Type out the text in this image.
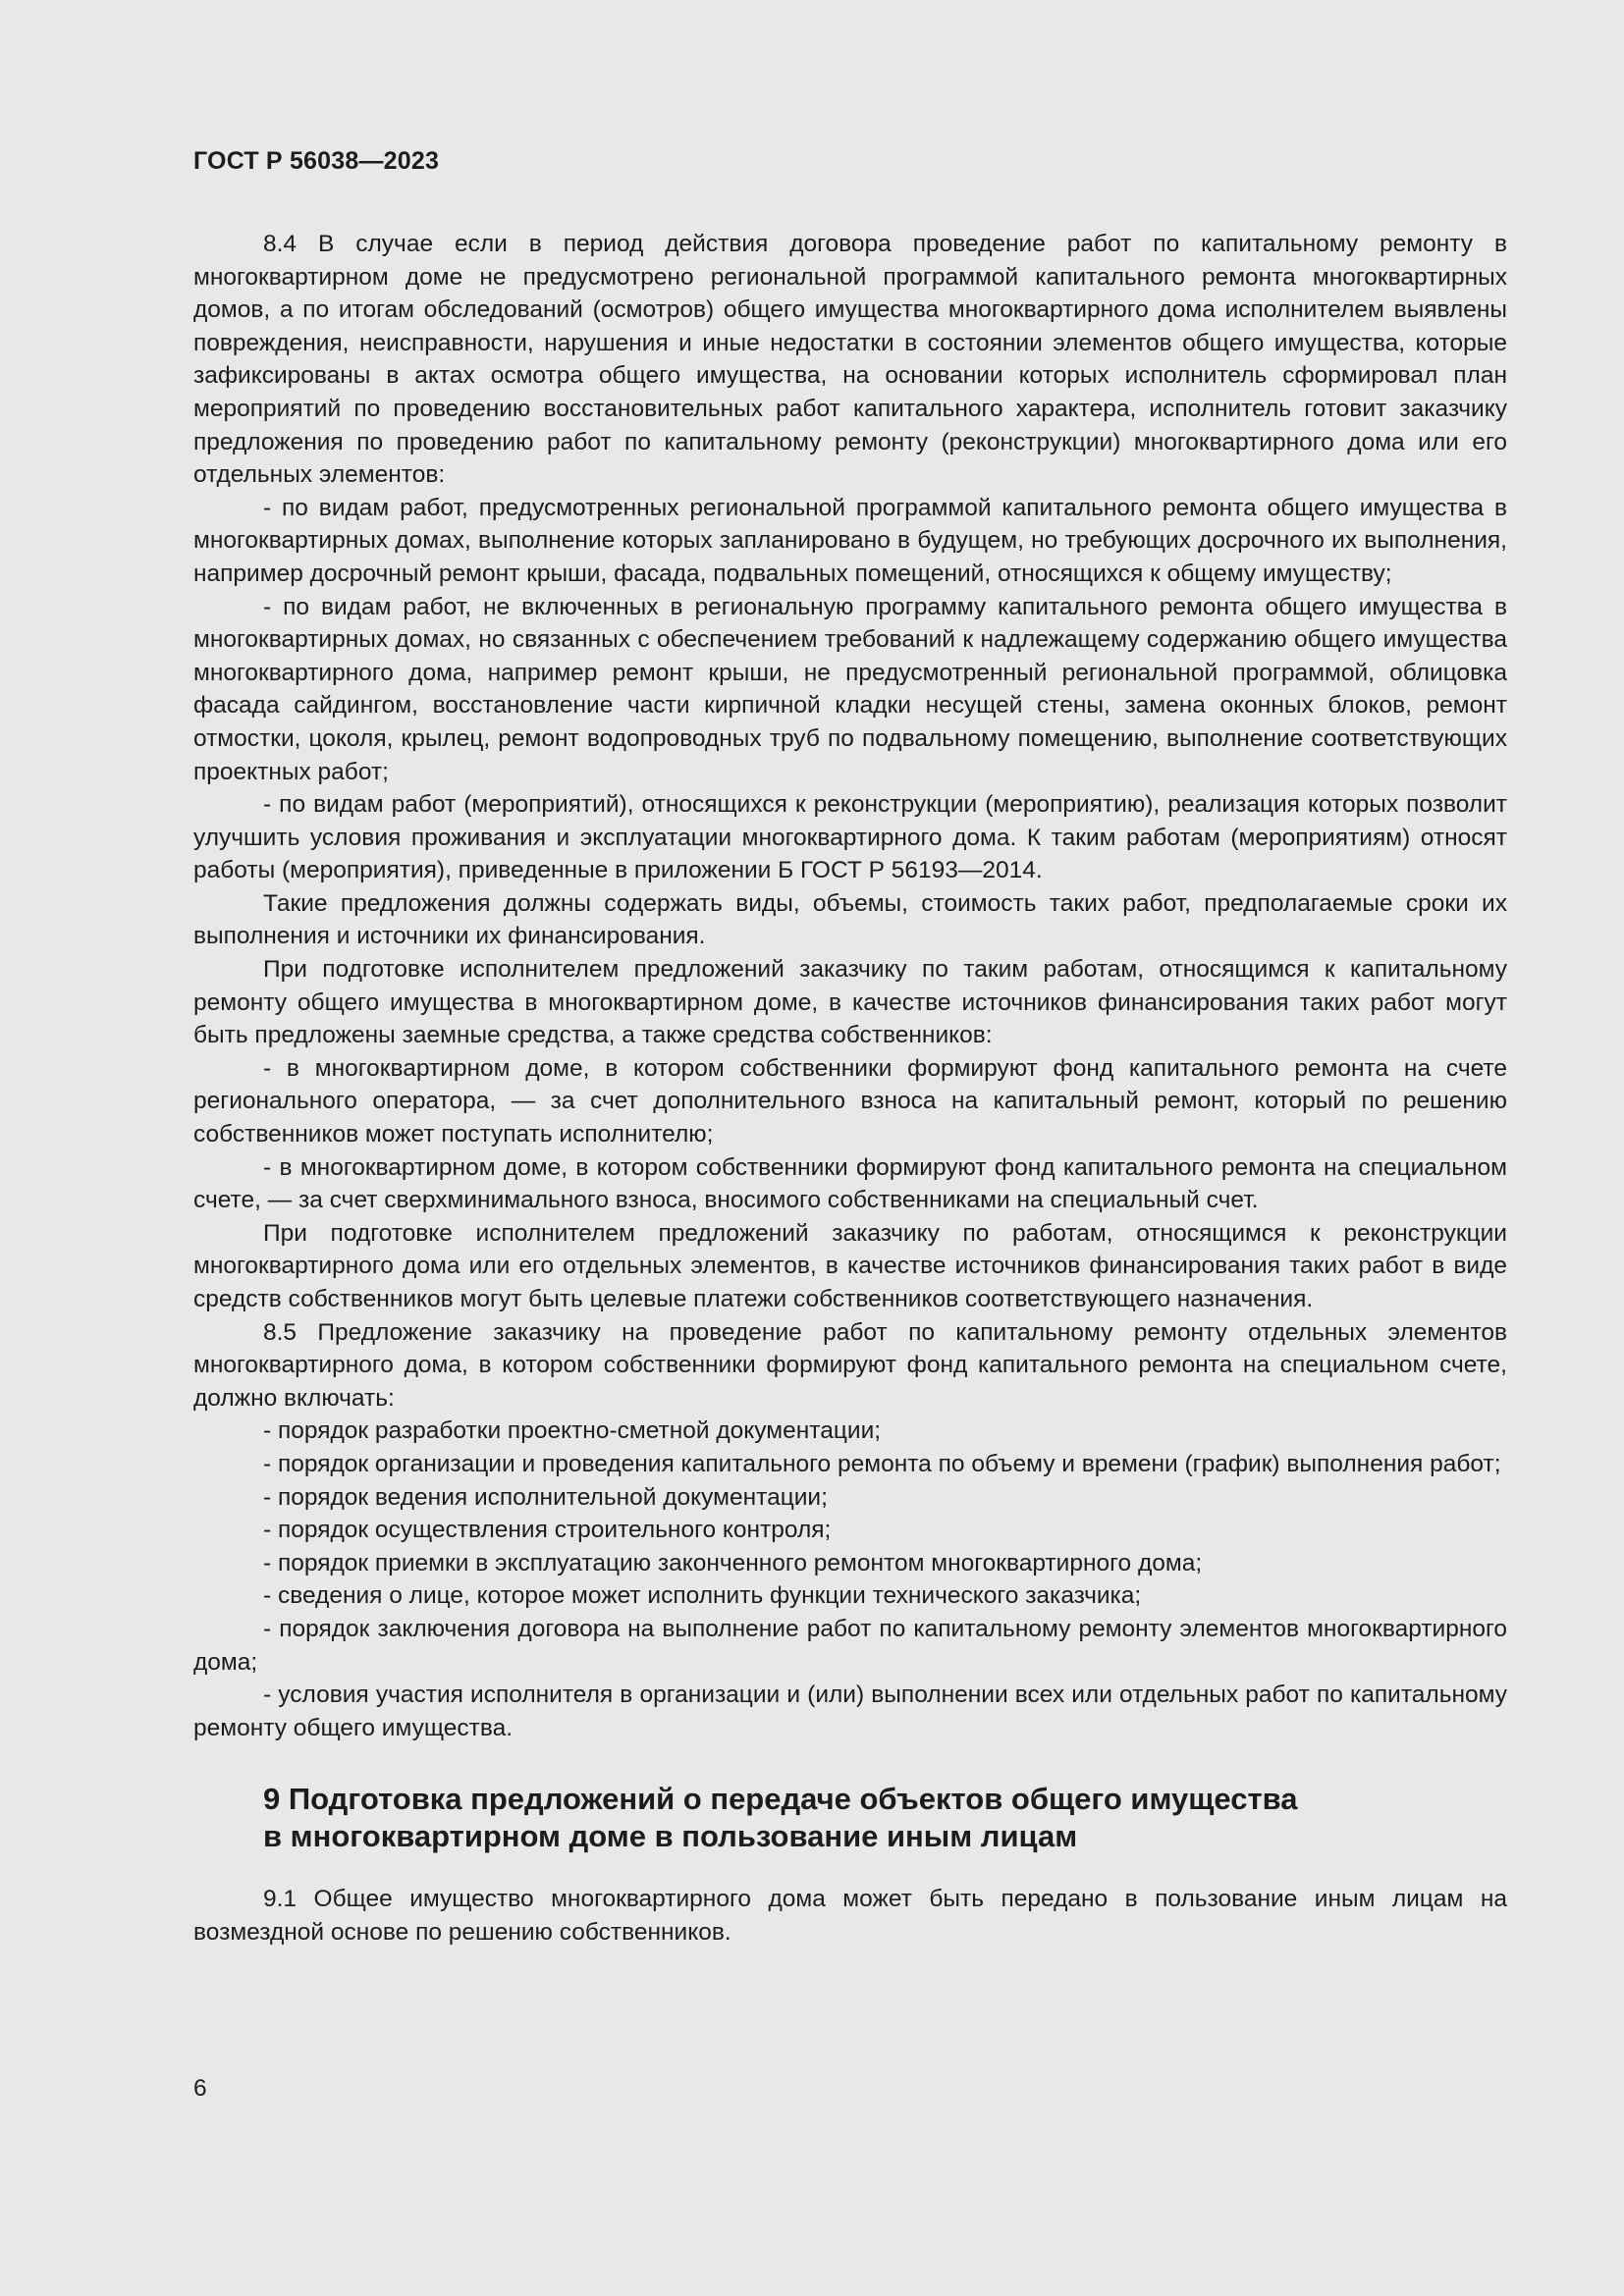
ГОСТ Р 56038—2023

8.4 В случае если в период действия договора проведение работ по капитальному ремонту в многоквартирном доме не предусмотрено региональной программой капитального ремонта многоквартирных домов, а по итогам обследований (осмотров) общего имущества многоквартирного дома исполнителем выявлены повреждения, неисправности, нарушения и иные недостатки в состоянии элементов общего имущества, которые зафиксированы в актах осмотра общего имущества, на основании которых исполнитель сформировал план мероприятий по проведению восстановительных работ капитального характера, исполнитель готовит заказчику предложения по проведению работ по капитальному ремонту (реконструкции) многоквартирного дома или его отдельных элементов:

- по видам работ, предусмотренных региональной программой капитального ремонта общего имущества в многоквартирных домах, выполнение которых запланировано в будущем, но требующих досрочного их выполнения, например досрочный ремонт крыши, фасада, подвальных помещений, относящихся к общему имуществу;

- по видам работ, не включенных в региональную программу капитального ремонта общего имущества в многоквартирных домах, но связанных с обеспечением требований к надлежащему содержанию общего имущества многоквартирного дома, например ремонт крыши, не предусмотренный региональной программой, облицовка фасада сайдингом, восстановление части кирпичной кладки несущей стены, замена оконных блоков, ремонт отмостки, цоколя, крылец, ремонт водопроводных труб по подвальному помещению, выполнение соответствующих проектных работ;

- по видам работ (мероприятий), относящихся к реконструкции (мероприятию), реализация которых позволит улучшить условия проживания и эксплуатации многоквартирного дома. К таким работам (мероприятиям) относят работы (мероприятия), приведенные в приложении Б ГОСТ Р 56193—2014.

Такие предложения должны содержать виды, объемы, стоимость таких работ, предполагаемые сроки их выполнения и источники их финансирования.

При подготовке исполнителем предложений заказчику по таким работам, относящимся к капитальному ремонту общего имущества в многоквартирном доме, в качестве источников финансирования таких работ могут быть предложены заемные средства, а также средства собственников:

- в многоквартирном доме, в котором собственники формируют фонд капитального ремонта на счете регионального оператора, — за счет дополнительного взноса на капитальный ремонт, который по решению собственников может поступать исполнителю;

- в многоквартирном доме, в котором собственники формируют фонд капитального ремонта на специальном счете, — за счет сверхминимального взноса, вносимого собственниками на специальный счет.

При подготовке исполнителем предложений заказчику по работам, относящимся к реконструкции многоквартирного дома или его отдельных элементов, в качестве источников финансирования таких работ в виде средств собственников могут быть целевые платежи собственников соответствующего назначения.

8.5 Предложение заказчику на проведение работ по капитальному ремонту отдельных элементов многоквартирного дома, в котором собственники формируют фонд капитального ремонта на специальном счете, должно включать:

- порядок разработки проектно-сметной документации;

- порядок организации и проведения капитального ремонта по объему и времени (график) выполнения работ;

- порядок ведения исполнительной документации;

- порядок осуществления строительного контроля;

- порядок приемки в эксплуатацию законченного ремонтом многоквартирного дома;

- сведения о лице, которое может исполнить функции технического заказчика;

- порядок заключения договора на выполнение работ по капитальному ремонту элементов многоквартирного дома;

- условия участия исполнителя в организации и (или) выполнении всех или отдельных работ по капитальному ремонту общего имущества.

9 Подготовка предложений о передаче объектов общего имущества
в многоквартирном доме в пользование иным лицам

9.1 Общее имущество многоквартирного дома может быть передано в пользование иным лицам на возмездной основе по решению собственников.

6
